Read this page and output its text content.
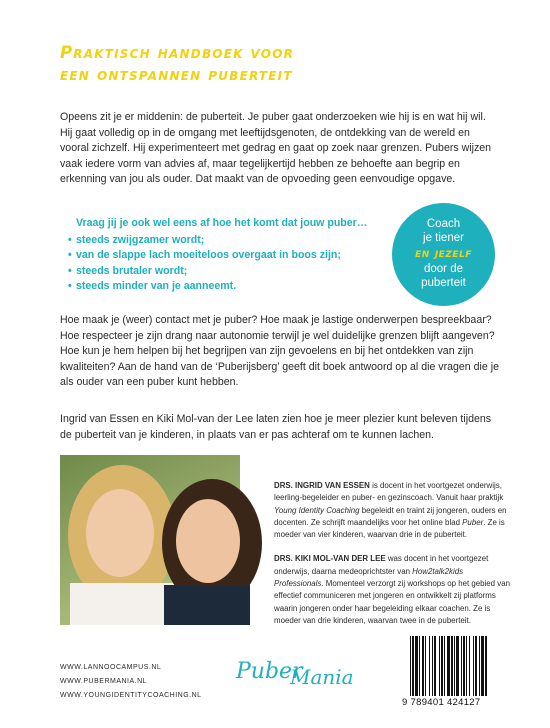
Praktisch handboek voor
een ontspannen puberteit
Opeens zit je er middenin: de puberteit. Je puber gaat onderzoeken wie hij is en wat hij wil. Hij gaat volledig op in de omgang met leeftijdsgenoten, de ontdekking van de wereld en vooral zichzelf. Hij experimenteert met gedrag en gaat op zoek naar grenzen. Pubers wijzen vaak iedere vorm van advies af, maar tegelijkertijd hebben ze behoefte aan begrip en erkenning van jou als ouder. Dat maakt van de opvoeding geen eenvoudige opgave.
Vraag jij je ook wel eens af hoe het komt dat jouw puber…
• steeds zwijgzamer wordt;
• van de slappe lach moeiteloos overgaat in boos zijn;
• steeds brutaler wordt;
• steeds minder van je aanneemt.
Coach
je tiener
en jezelf
door de
puberteit
Hoe maak je (weer) contact met je puber? Hoe maak je lastige onderwerpen bespreekbaar? Hoe respecteer je zijn drang naar autonomie terwijl je wel duidelijke grenzen blijft aangeven? Hoe kun je hem helpen bij het begrijpen van zijn gevoelens en bij het ontdekken van zijn kwaliteiten? Aan de hand van de ‘Puberijsberg’ geeft dit boek antwoord op al die vragen die je als ouder van een puber kunt hebben.
Ingrid van Essen en Kiki Mol-van der Lee laten zien hoe je meer plezier kunt beleven tijdens de puberteit van je kinderen, in plaats van er pas achteraf om te kunnen lachen.
DRS. INGRID VAN ESSEN is docent in het voortgezet onderwijs, leerling-begeleider en puber- en gezinscoach. Vanuit haar praktijk Young Identity Coaching begeleidt en traint zij jongeren, ouders en docenten. Ze schrijft maandelijks voor het online blad Puber. Ze is moeder van vier kinderen, waarvan drie in de puberteit.
DRS. KIKI MOL-VAN DER LEE was docent in het voortgezet onderwijs, daarna medeoprichtster van How2talk2kids Professionals. Momenteel verzorgt zij workshops op het gebied van effectief communiceren met jongeren en ontwikkelt zij platforms waarin jongeren onder haar begeleiding elkaar coachen. Ze is moeder van drie kinderen, waarvan twee in de puberteit.
WWW.LANNOOCAMPUS.NL
WWW.PUBERMANIA.NL
WWW.YOUNGIDENTITYCOACHING.NL
Puber
Mania
9 789401 424127
